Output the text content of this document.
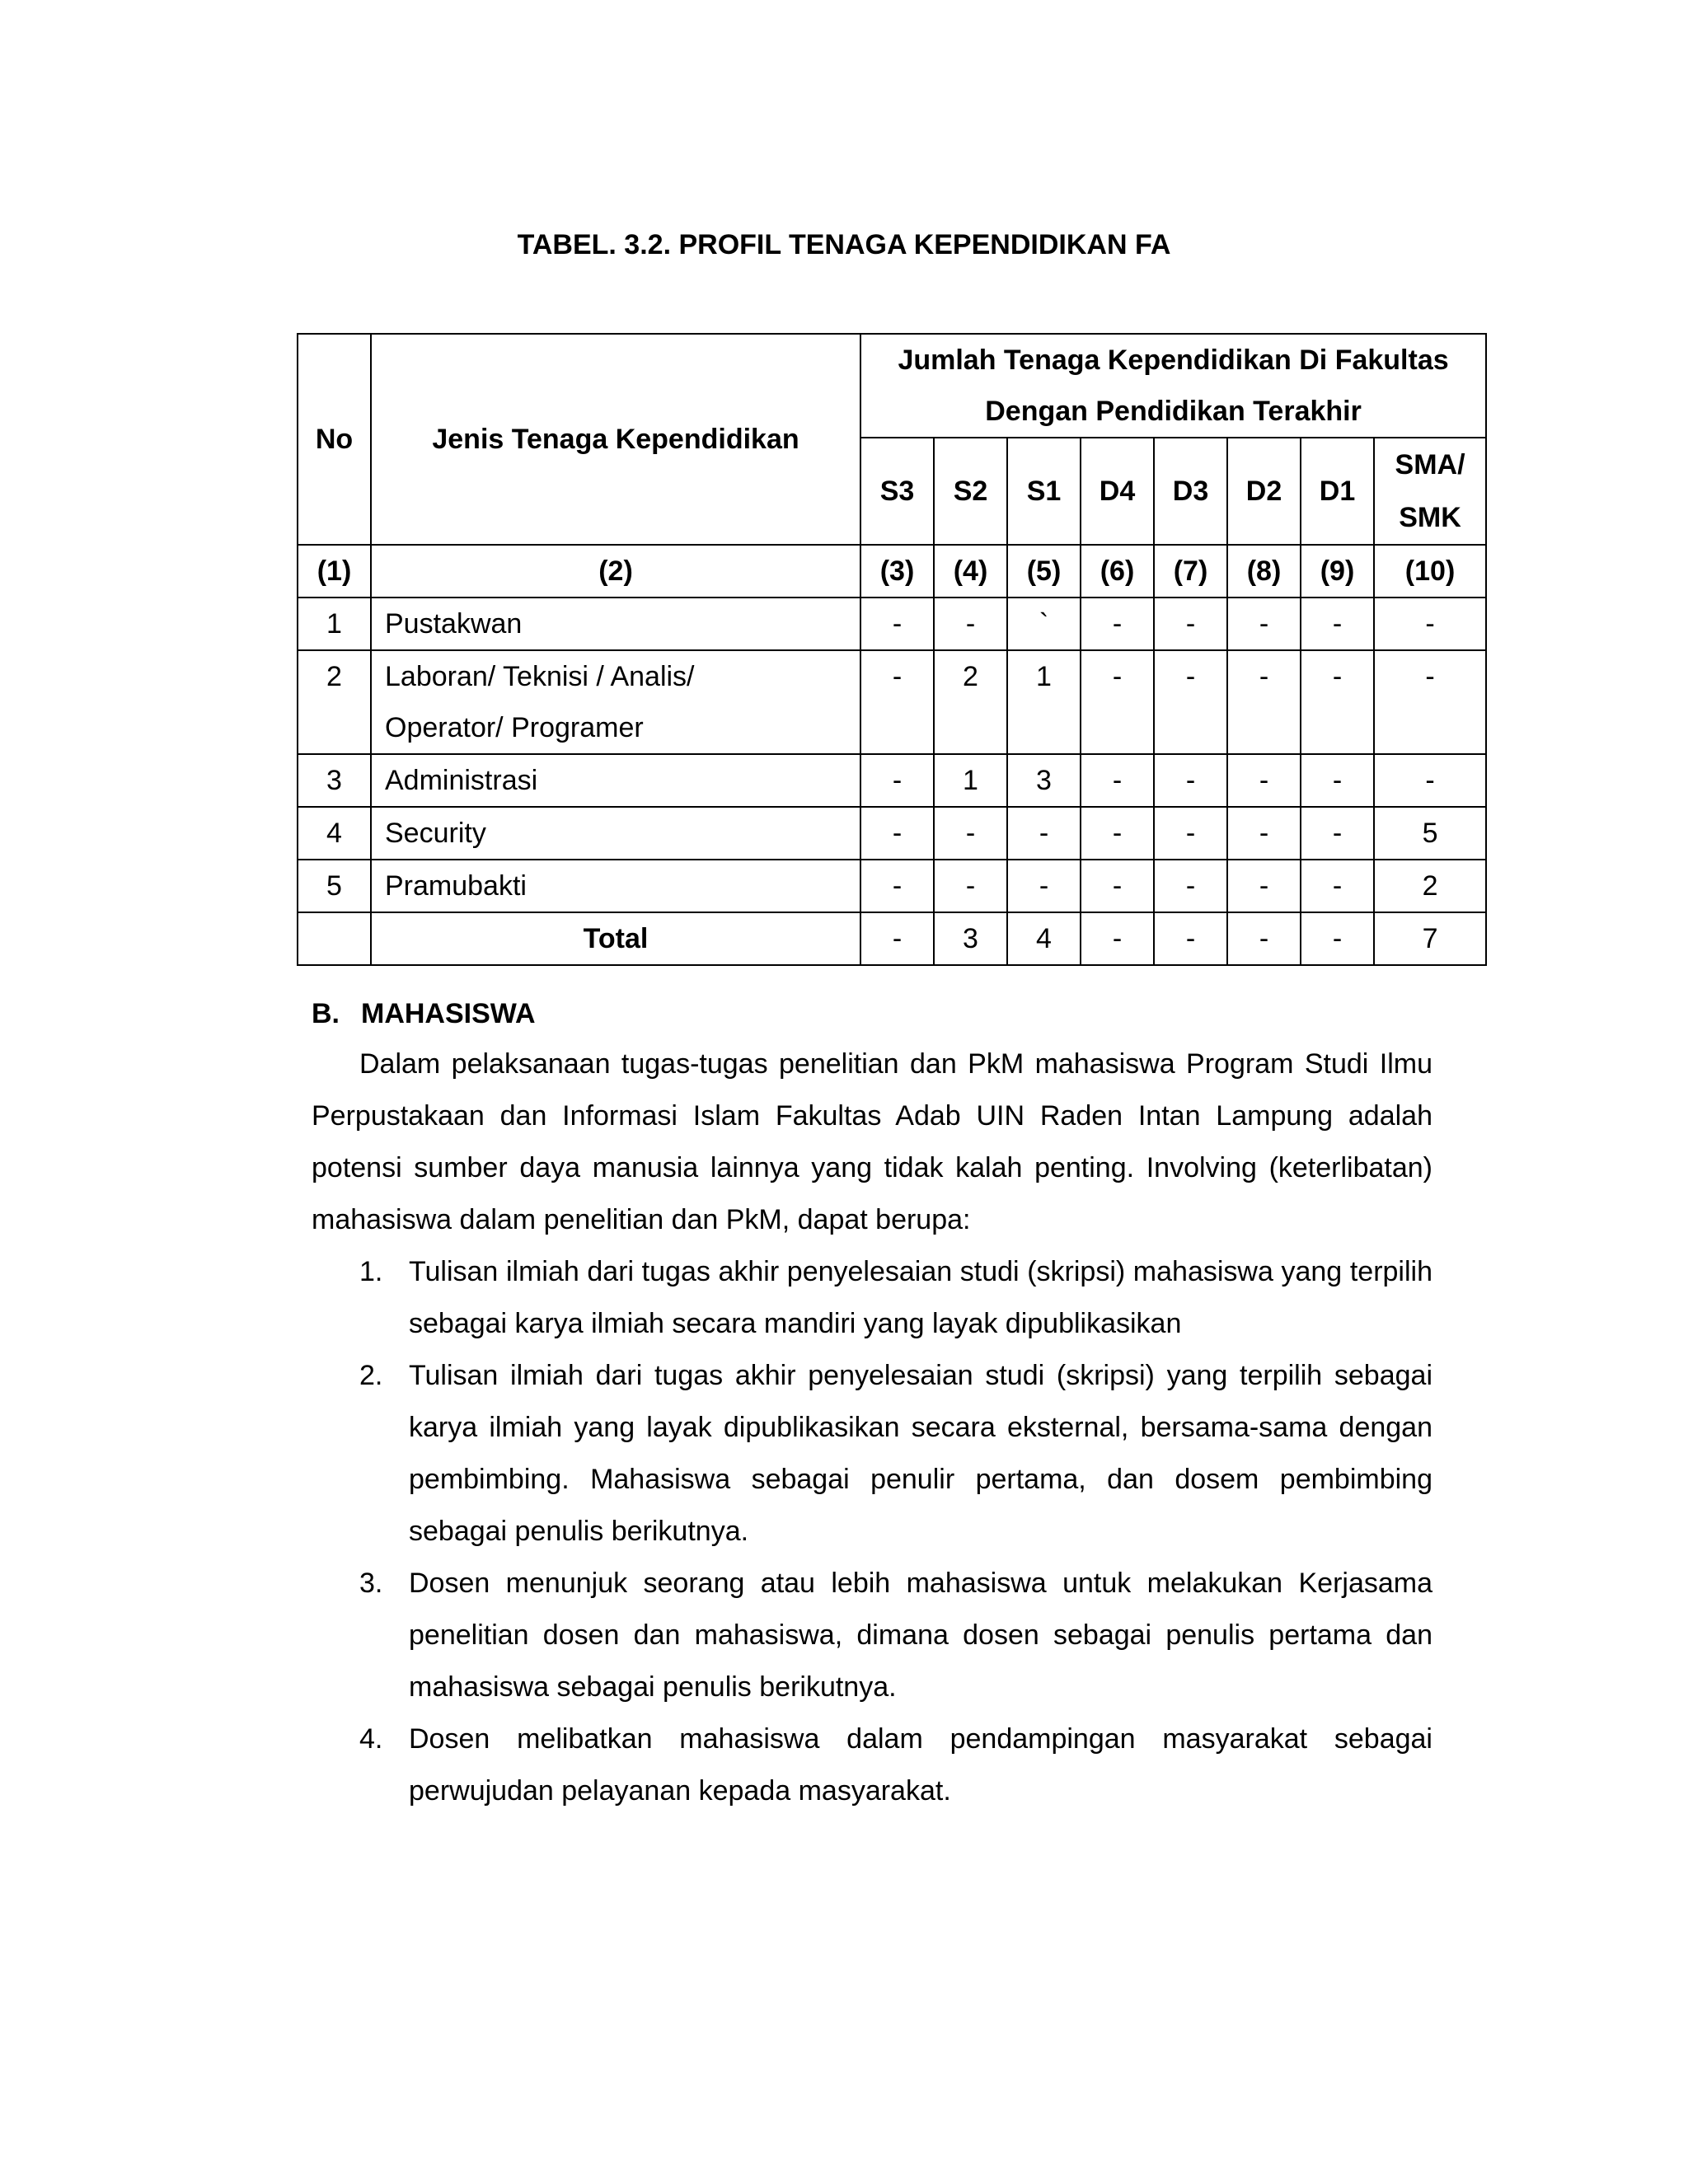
TABEL. 3.2. PROFIL TENAGA KEPENDIDIKAN FA
No	Jenis Tenaga Kependidikan	Jumlah Tenaga Kependidikan Di Fakultas
Dengan Pendidikan Terakhir							

		S3	S2	S1	D4	D3	D2	D1	SMA/
SMK

(1)	(2)	(3)	(4)	(5)	(6)	(7)	(8)	(9)	(10)
1	Pustakwan	-	-	`	-	-	-	-	-
2	Laboran/ Teknisi / Analis/ Operator/ Programer	-	2	1	-	-	-	-	-
3	Administrasi	-	1	3	-	-	-	-	-
4	Security	-	-	-	-	-	-	-	5
5	Pramubakti	-	-	-	-	-	-	-	2
	Total	-	3	4	-	-	-	-	7
B. MAHASISWA

Dalam pelaksanaan tugas-tugas penelitian dan PkM mahasiswa Program Studi Ilmu Perpustakaan dan Informasi Islam Fakultas Adab UIN Raden Intan Lampung adalah potensi sumber daya manusia lainnya yang tidak kalah penting. Involving (keterlibatan) mahasiswa dalam penelitian dan PkM, dapat berupa:

1. Tulisan ilmiah dari tugas akhir penyelesaian studi (skripsi) mahasiswa yang terpilih sebagai karya ilmiah secara mandiri yang layak dipublikasikan
2. Tulisan ilmiah dari tugas akhir penyelesaian studi (skripsi) yang terpilih sebagai karya ilmiah yang layak dipublikasikan secara eksternal, bersama-sama dengan pembimbing. Mahasiswa sebagai penulir pertama, dan dosem pembimbing sebagai penulis berikutnya.
3. Dosen menunjuk seorang atau lebih mahasiswa untuk melakukan Kerjasama penelitian dosen dan mahasiswa, dimana dosen sebagai penulis pertama dan mahasiswa sebagai penulis berikutnya.
4. Dosen melibatkan mahasiswa dalam pendampingan masyarakat sebagai perwujudan pelayanan kepada masyarakat.
